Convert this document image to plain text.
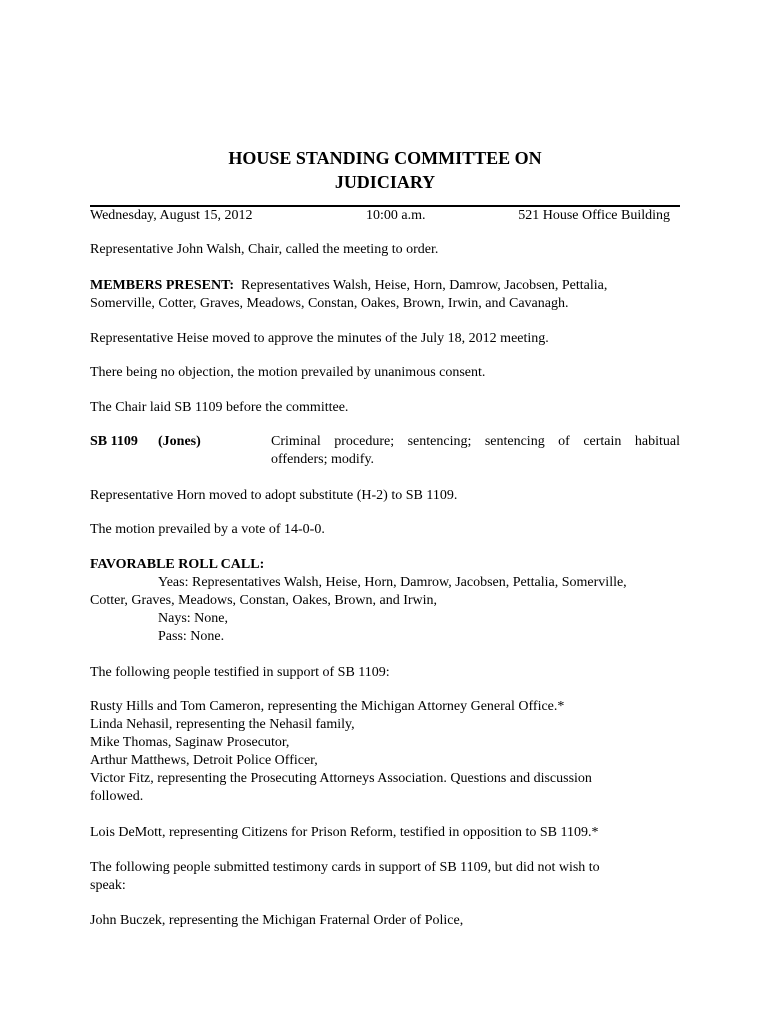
HOUSE STANDING COMMITTEE ON
JUDICIARY
Wednesday, August 15, 2012	10:00 a.m.	521 House Office Building
Representative John Walsh, Chair, called the meeting to order.
MEMBERS PRESENT: Representatives Walsh, Heise, Horn, Damrow, Jacobsen, Pettalia,
Somerville, Cotter, Graves, Meadows, Constan, Oakes, Brown, Irwin, and Cavanagh.
Representative Heise moved to approve the minutes of the July 18, 2012 meeting.
There being no objection, the motion prevailed by unanimous consent.
The Chair laid SB 1109 before the committee.
SB 1109 (Jones)	Criminal procedure; sentencing; sentencing of certain habitual
offenders; modify.
Representative Horn moved to adopt substitute (H-2) to SB 1109.
The motion prevailed by a vote of 14-0-0.
FAVORABLE ROLL CALL:
Yeas: Representatives Walsh, Heise, Horn, Damrow, Jacobsen, Pettalia, Somerville,
Cotter, Graves, Meadows, Constan, Oakes, Brown, and Irwin,
Nays: None,
Pass: None.
The following people testified in support of SB 1109:
Rusty Hills and Tom Cameron, representing the Michigan Attorney General Office.*
Linda Nehasil, representing the Nehasil family,
Mike Thomas, Saginaw Prosecutor,
Arthur Matthews, Detroit Police Officer,
Victor Fitz, representing the Prosecuting Attorneys Association. Questions and discussion
followed.
Lois DeMott, representing Citizens for Prison Reform, testified in opposition to SB 1109.*
The following people submitted testimony cards in support of SB 1109, but did not wish to
speak:
John Buczek, representing the Michigan Fraternal Order of Police,
